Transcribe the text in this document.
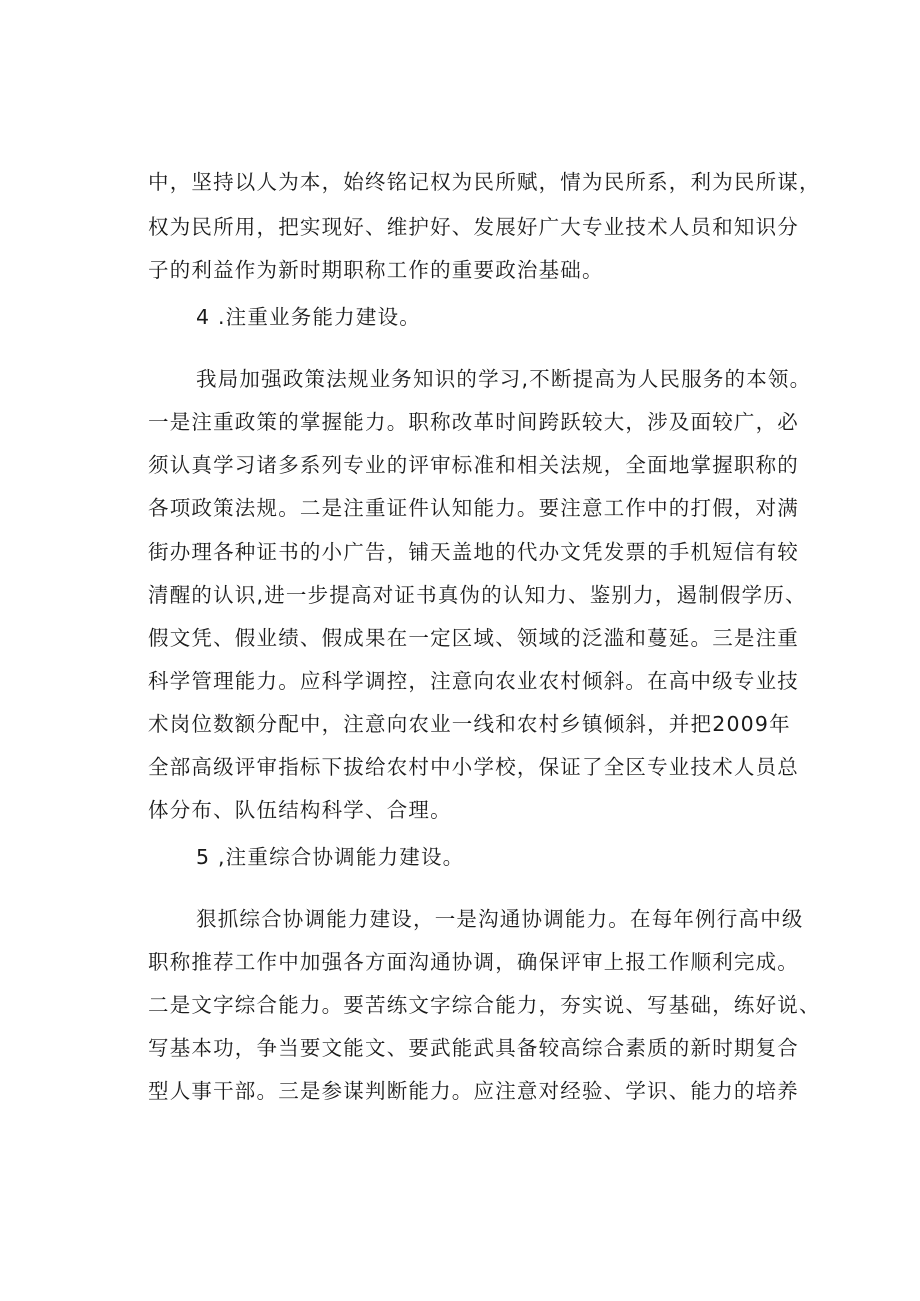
中，坚持以人为本，始终铭记权为民所赋，情为民所系，利为民所谋，
权为民所用，把实现好、维护好、发展好广大专业技术人员和知识分
子的利益作为新时期职称工作的重要政治基础。
4 .注重业务能力建设。
我局加强政策法规业务知识的学习,不断提高为人民服务的本领。
一是注重政策的掌握能力。职称改革时间跨跃较大，涉及面较广，必
须认真学习诸多系列专业的评审标准和相关法规，全面地掌握职称的
各项政策法规。二是注重证件认知能力。要注意工作中的打假，对满
街办理各种证书的小广告，铺天盖地的代办文凭发票的手机短信有较
清醒的认识,进一步提高对证书真伪的认知力、鉴别力，遏制假学历、
假文凭、假业绩、假成果在一定区域、领域的泛滥和蔓延。三是注重
科学管理能力。应科学调控，注意向农业农村倾斜。在高中级专业技
术岗位数额分配中，注意向农业一线和农村乡镇倾斜，并把2009年
全部高级评审指标下拔给农村中小学校，保证了全区专业技术人员总
体分布、队伍结构科学、合理。
5 ,注重综合协调能力建设。
狠抓综合协调能力建设，一是沟通协调能力。在每年例行高中级
职称推荐工作中加强各方面沟通协调，确保评审上报工作顺利完成。
二是文字综合能力。要苦练文字综合能力，夯实说、写基础，练好说、
写基本功，争当要文能文、要武能武具备较高综合素质的新时期复合
型人事干部。三是参谋判断能力。应注意对经验、学识、能力的培养
